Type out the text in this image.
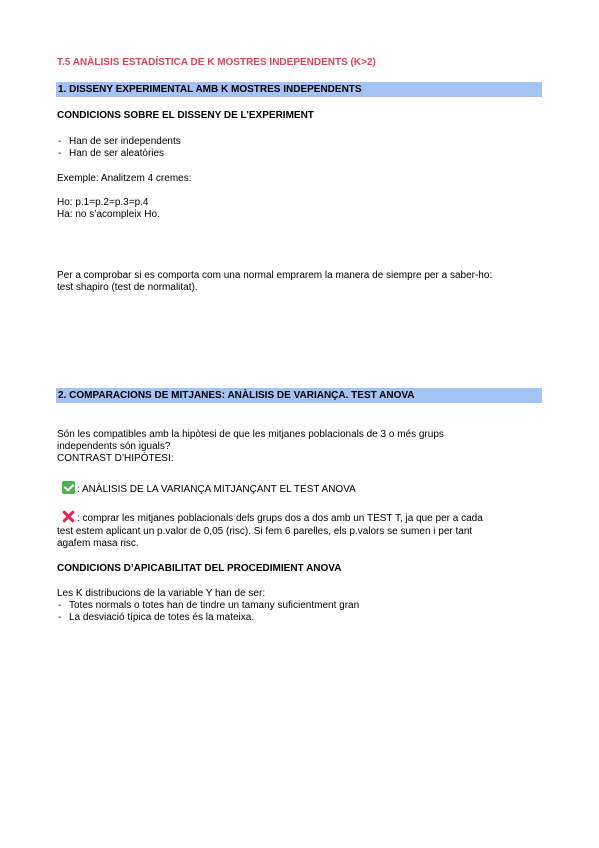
T.5 ANÀLISIS ESTADÍSTICA DE K MOSTRES INDEPENDENTS (K>2)
1. DISSENY EXPERIMENTAL AMB K MOSTRES INDEPENDENTS
CONDICIONS SOBRE EL DISSENY DE L’EXPERIMENT
- Han de ser independents
- Han de ser aleatòries
Exemple: Analitzem 4 cremes:
Ho: p.1=p.2=p.3=p.4
Ha: no s’acompleix Ho.
Per a comprobar si es comporta com una normal emprarem la manera de siempre per a saber-ho:
test shapiro (test de normalitat).
2. COMPARACIONS DE MITJANES: ANÀLISIS DE VARIANÇA. TEST ANOVA
Són les compatibles amb la hipòtesi de que les mitjanes poblacionals de 3 o més grups
independents són iguals?
CONTRAST D’HIPÒTESI:
: ANÀLISIS DE LA VARIANÇA MITJANÇANT EL TEST ANOVA
: comprar les mitjanes poblacionals dels grups dos a dos amb un TEST T, ja que per a cada
test estem aplicant un p.valor de 0,05 (risc). Si fem 6 parelles, els p.valors se sumen i per tant
agafem masa risc.
CONDICIONS D’APICABILITAT DEL PROCEDIMIENT ANOVA
Les K distribucions de la variable Y han de ser:
- Totes normals o totes han de tindre un tamany suficientment gran
- La desviació típica de totes és la mateixa.
